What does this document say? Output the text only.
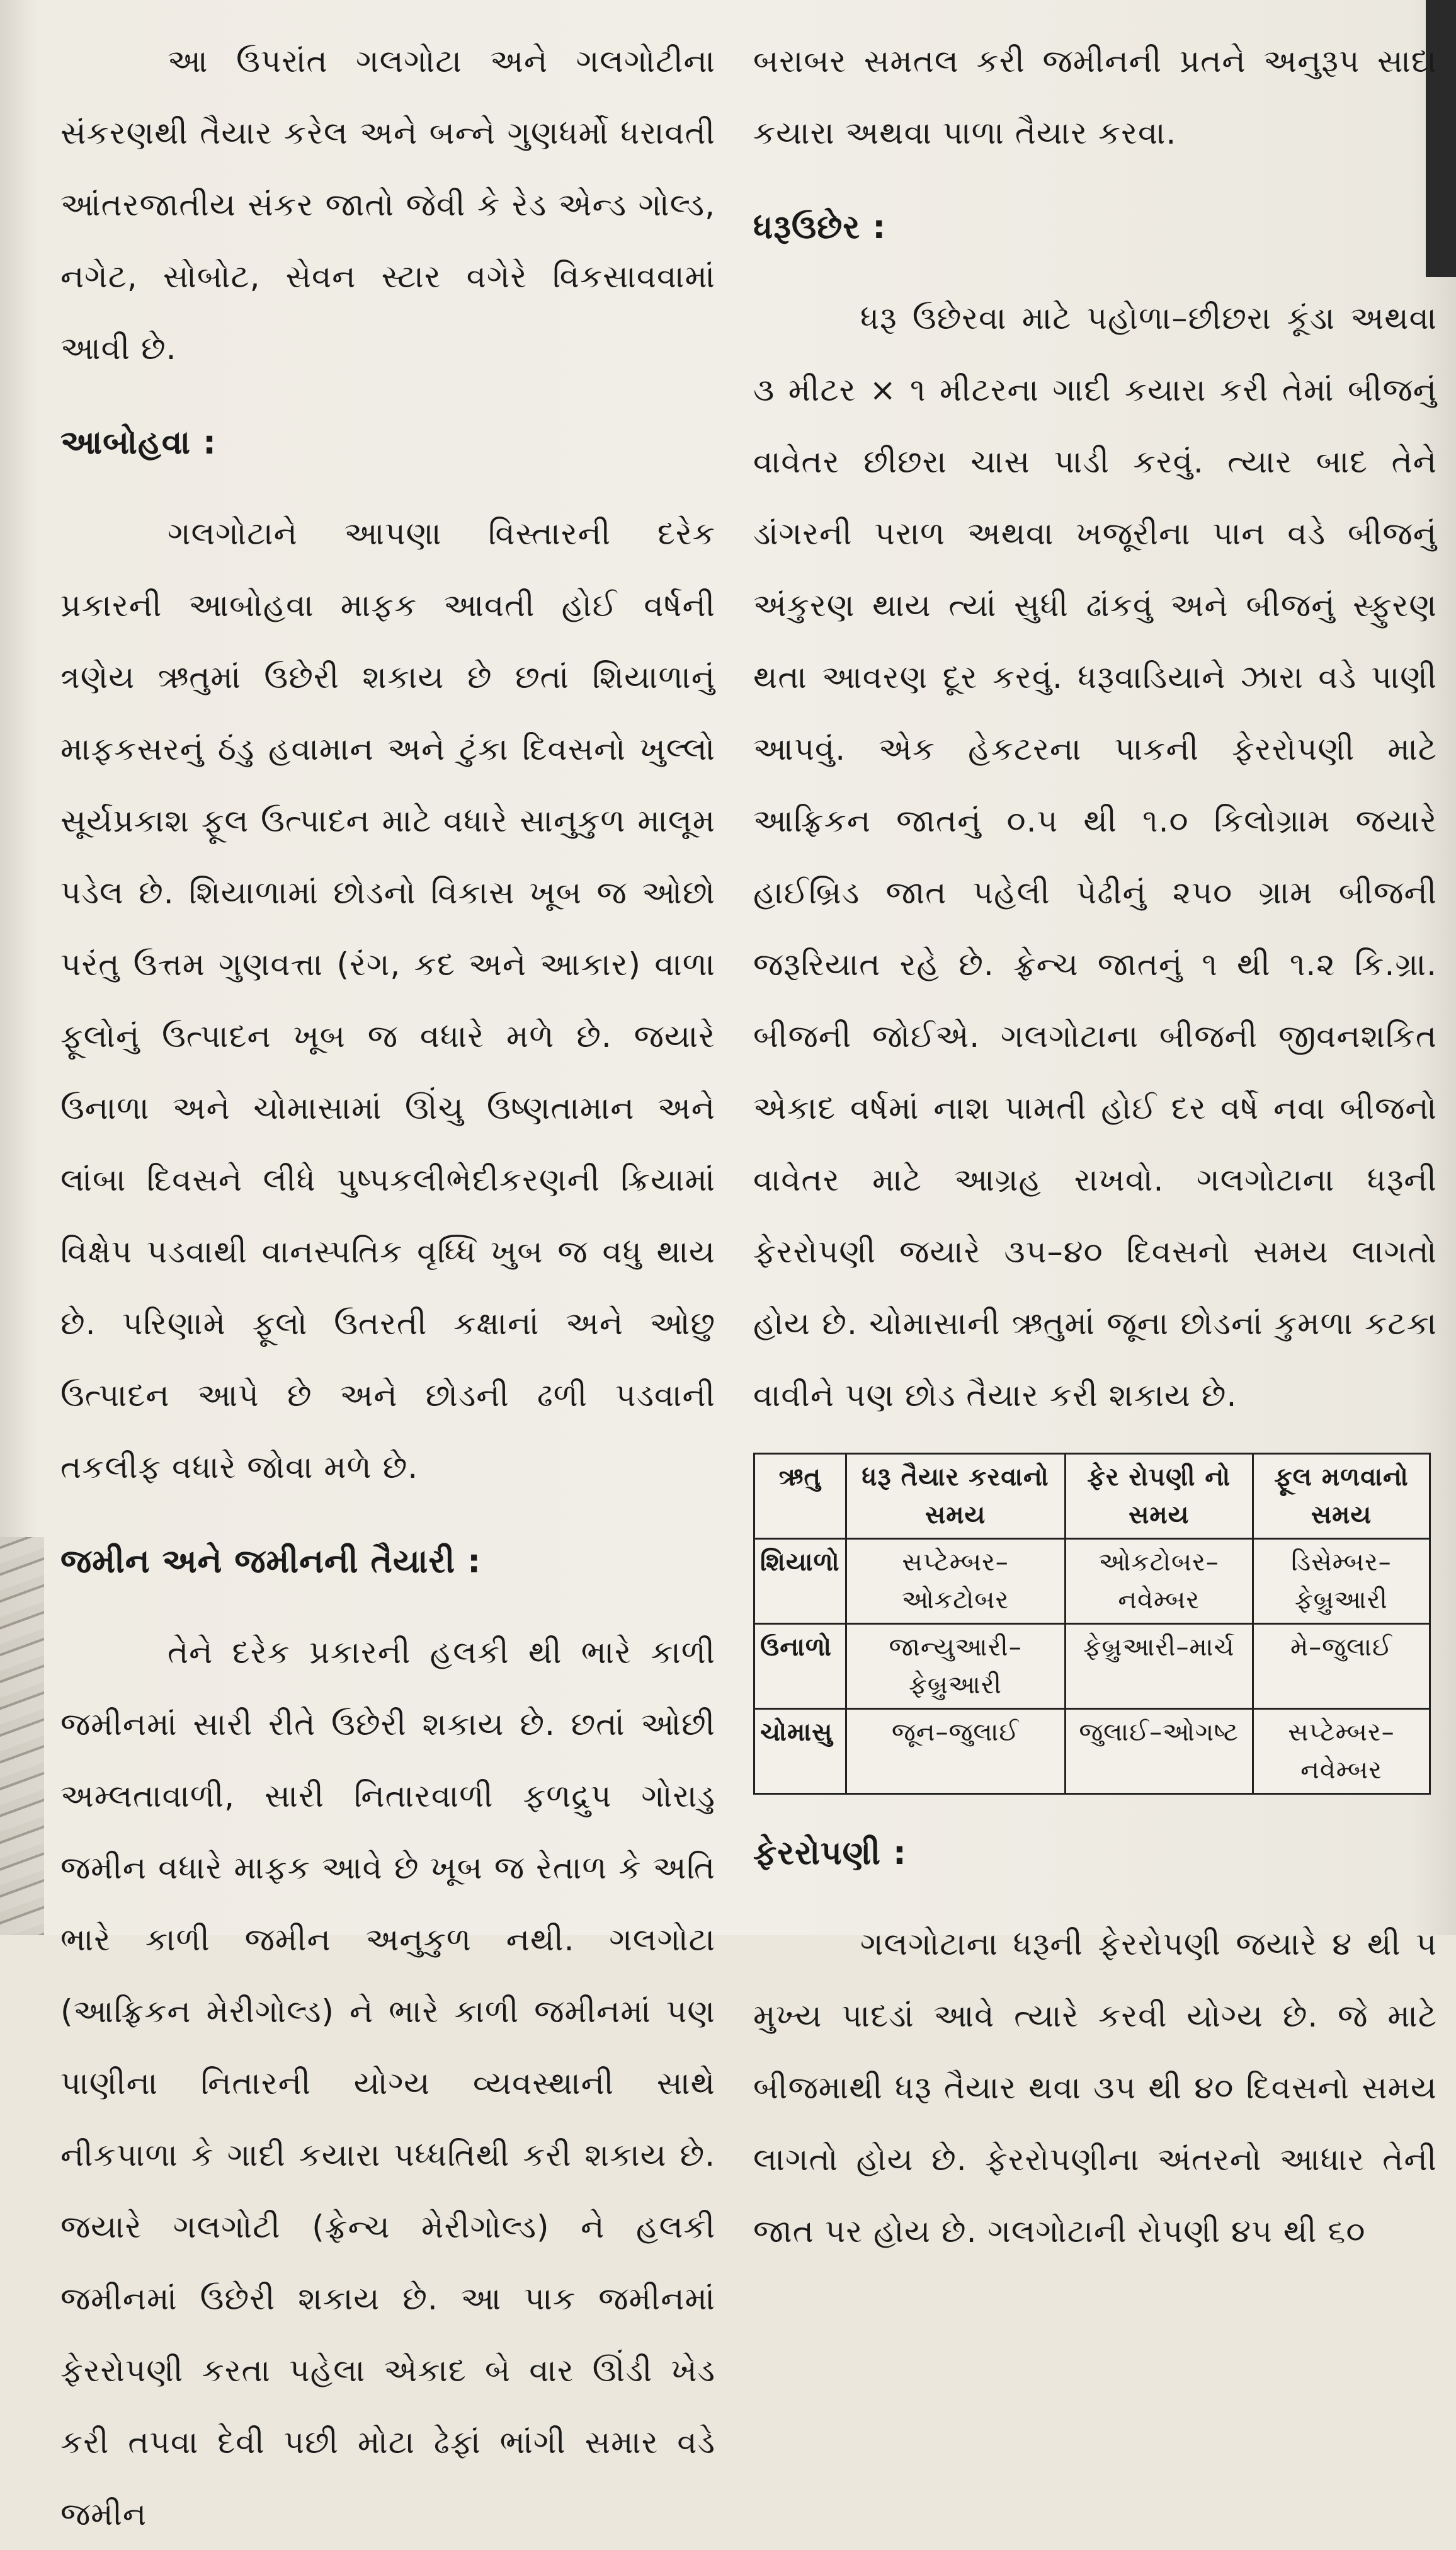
આ ઉપરાંત ગલગોટા અને ગલગોટીના સંકરણથી તૈયાર કરેલ અને બન્ને ગુણધર્મો ધરાવતી આંતરજાતીય સંકર જાતો જેવી કે રેડ એન્ડ ગોલ્ડ, નગેટ, સોબોટ, સેવન સ્ટાર વગેરે વિકસાવવામાં આવી છે.

આબોહવા :

ગલગોટાને આપણા વિસ્તારની દરેક પ્રકારની આબોહવા માફક આવતી હોઈ વર્ષની ત્રણેય ઋતુમાં ઉછેરી શકાય છે છતાં શિયાળાનું માફકસરનું ઠંડુ હવામાન અને ટુંકા દિવસનો ખુલ્લો સૂર્યપ્રકાશ ફૂલ ઉત્પાદન માટે વધારે સાનુકુળ માલૂમ પડેલ છે. શિયાળામાં છોડનો વિકાસ ખૂબ જ ઓછો પરંતુ ઉત્તમ ગુણવત્તા (રંગ, કદ અને આકાર) વાળા ફૂલોનું ઉત્પાદન ખૂબ જ વધારે મળે છે. જયારે ઉનાળા અને ચોમાસામાં ઊંચુ ઉષ્ણતામાન અને લાંબા દિવસને લીધે પુષ્પકલીભેદીકરણની ક્રિયામાં વિક્ષેપ પડવાથી વાનસ્પતિક વૃધ્ધિ ખુબ જ વધુ થાય છે. પરિણામે ફૂલો ઉતરતી કક્ષાનાં અને ઓછુ ઉત્પાદન આપે છે અને છોડની ઢળી પડવાની તકલીફ વધારે જોવા મળે છે.

જમીન અને જમીનની તૈયારી :

તેને દરેક પ્રકારની હલકી થી ભારે કાળી જમીનમાં સારી રીતે ઉછેરી શકાય છે. છતાં ઓછી અમ્લતાવાળી, સારી નિતારવાળી ફળદ્રુપ ગોરાડુ જમીન વધારે માફક આવે છે ખૂબ જ રેતાળ કે અતિ ભારે કાળી જમીન અનુકુળ નથી. ગલગોટા (આફ્રિકન મેરીગોલ્ડ) ને ભારે કાળી જમીનમાં પણ પાણીના નિતારની યોગ્ય વ્યવસ્થાની સાથે નીકપાળા કે ગાદી કયારા પધ્ધતિથી કરી શકાય છે. જયારે ગલગોટી (ફ્રેન્ચ મેરીગોલ્ડ) ને હલકી જમીનમાં ઉછેરી શકાય છે. આ પાક જમીનમાં ફેરરોપણી કરતા પહેલા એકાદ બે વાર ઊંડી ખેડ કરી તપવા દેવી પછી મોટા ઢેફાં ભાંગી સમાર વડે જમીન

બરાબર સમતલ કરી જમીનની પ્રતને અનુરૂપ સાદા કયારા અથવા પાળા તૈયાર કરવા.

ધરૂઉછેર :

ધરૂ ઉછેરવા માટે પહોળા–છીછરા કૂંડા અથવા ૩ મીટર × ૧ મીટરના ગાદી કયારા કરી તેમાં બીજનું વાવેતર છીછરા ચાસ પાડી કરવું. ત્યાર બાદ તેને ડાંગરની પરાળ અથવા ખજૂરીના પાન વડે બીજનું અંકુરણ થાય ત્યાં સુધી ઢાંકવું અને બીજનું સ્ફુરણ થતા આવરણ દૂર કરવું. ધરૂવાડિયાને ઝારા વડે પાણી આપવું. એક હેકટરના પાકની ફેરરોપણી માટે આફ્રિકન જાતનું ૦.૫ થી ૧.૦ કિલોગ્રામ જયારે હાઈબ્રિડ જાત પહેલી પેઢીનું ૨૫૦ ગ્રામ બીજની જરૂરિયાત રહે છે. ફ્રેન્ચ જાતનું ૧ થી ૧.૨ કિ.ગ્રા. બીજની જોઈએ. ગલગોટાના બીજની જીવનશકિત એકાદ વર્ષમાં નાશ પામતી હોઈ દર વર્ષે નવા બીજનો વાવેતર માટે આગ્રહ રાખવો. ગલગોટાના ધરૂની ફેરરોપણી જયારે ૩૫–૪૦ દિવસનો સમય લાગતો હોય છે. ચોમાસાની ઋતુમાં જૂના છોડનાં કુમળા કટકા વાવીને પણ છોડ તૈયાર કરી શકાય છે.

ઋતુ	ધરૂ તૈયાર કરવાનો સમય	ફેર રોપણી નો સમય	ફૂલ મળવાનો સમય
શિયાળો	સપ્ટેમ્બર–ઓકટોબર	ઓકટોબર–નવેમ્બર	ડિસેમ્બર–ફેબ્રુઆરી
ઉનાળો	જાન્યુઆરી–ફેબ્રુઆરી	ફેબ્રુઆરી–માર્ચ	મે–જુલાઈ
ચોમાસુ	જૂન–જુલાઈ	જુલાઈ–ઓગષ્ટ	સપ્ટેમ્બર–નવેમ્બર

ફેરરોપણી :

ગલગોટાના ધરૂની ફેરરોપણી જયારે ૪ થી ૫ મુખ્ય પાદડાં આવે ત્યારે કરવી યોગ્ય છે. જે માટે બીજમાથી ધરૂ તૈયાર થવા ૩૫ થી ૪૦ દિવસનો સમય લાગતો હોય છે. ફેરરોપણીના અંતરનો આધાર તેની જાત પર હોય છે. ગલગોટાની રોપણી ૪૫ થી ૬૦
